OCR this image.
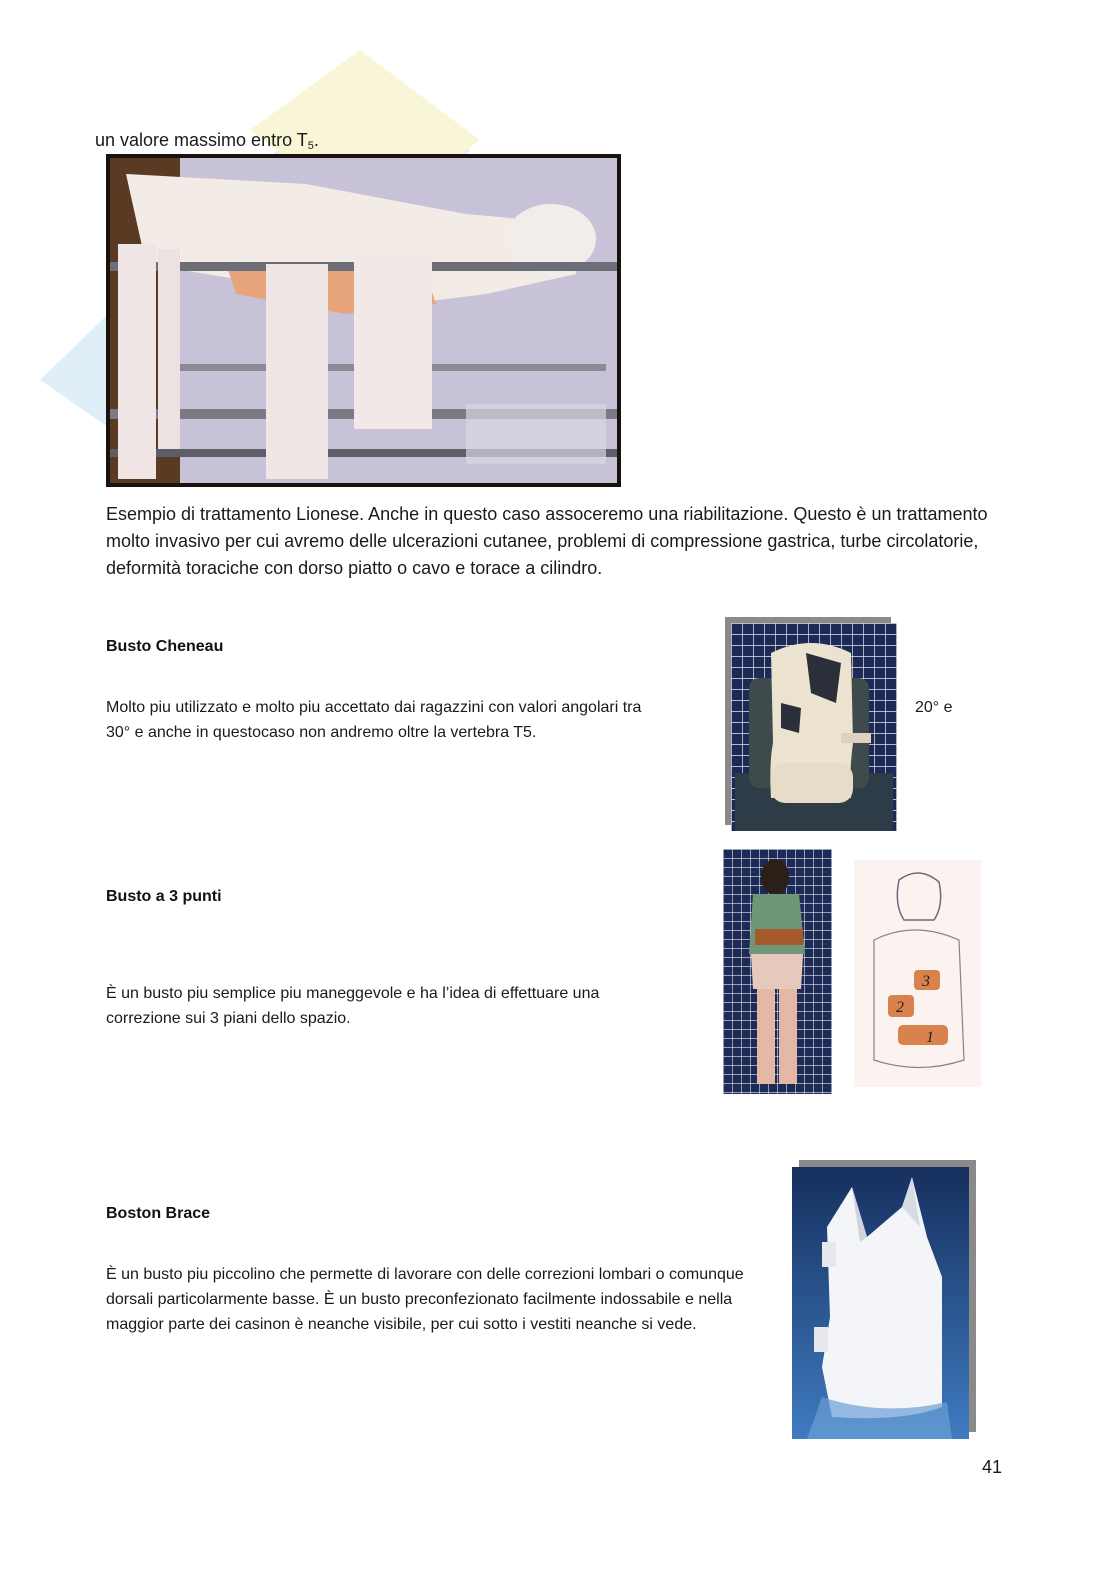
un valore massimo entro $T_5$.
Esempio di trattamento Lionese. Anche in questo caso assoceremo una riabilitazione. Questo è un trattamento molto invasivo per cui avremo delle ulcerazioni cutanee, problemi di compressione gastrica, turbe circolatorie, deformità toraciche con dorso piatto o cavo e torace a cilindro.
Busto Cheneau
Molto piu utilizzato e molto piu accettato dai ragazzini con valori angolari tra	20° e
30° e anche in questocaso non andremo oltre la vertebra T5.
Busto a 3 punti
È un busto piu semplice piu maneggevole e ha l’idea di effettuare una correzione sui 3 piani dello spazio.
3
2
1
Boston Brace
È un busto piu piccolino che permette di lavorare con delle correzioni lombari o comunque dorsali particolarmente basse. È un busto preconfezionato facilmente indossabile e nella maggior parte dei casinon è neanche visibile, per cui sotto i vestiti neanche si vede.
41
